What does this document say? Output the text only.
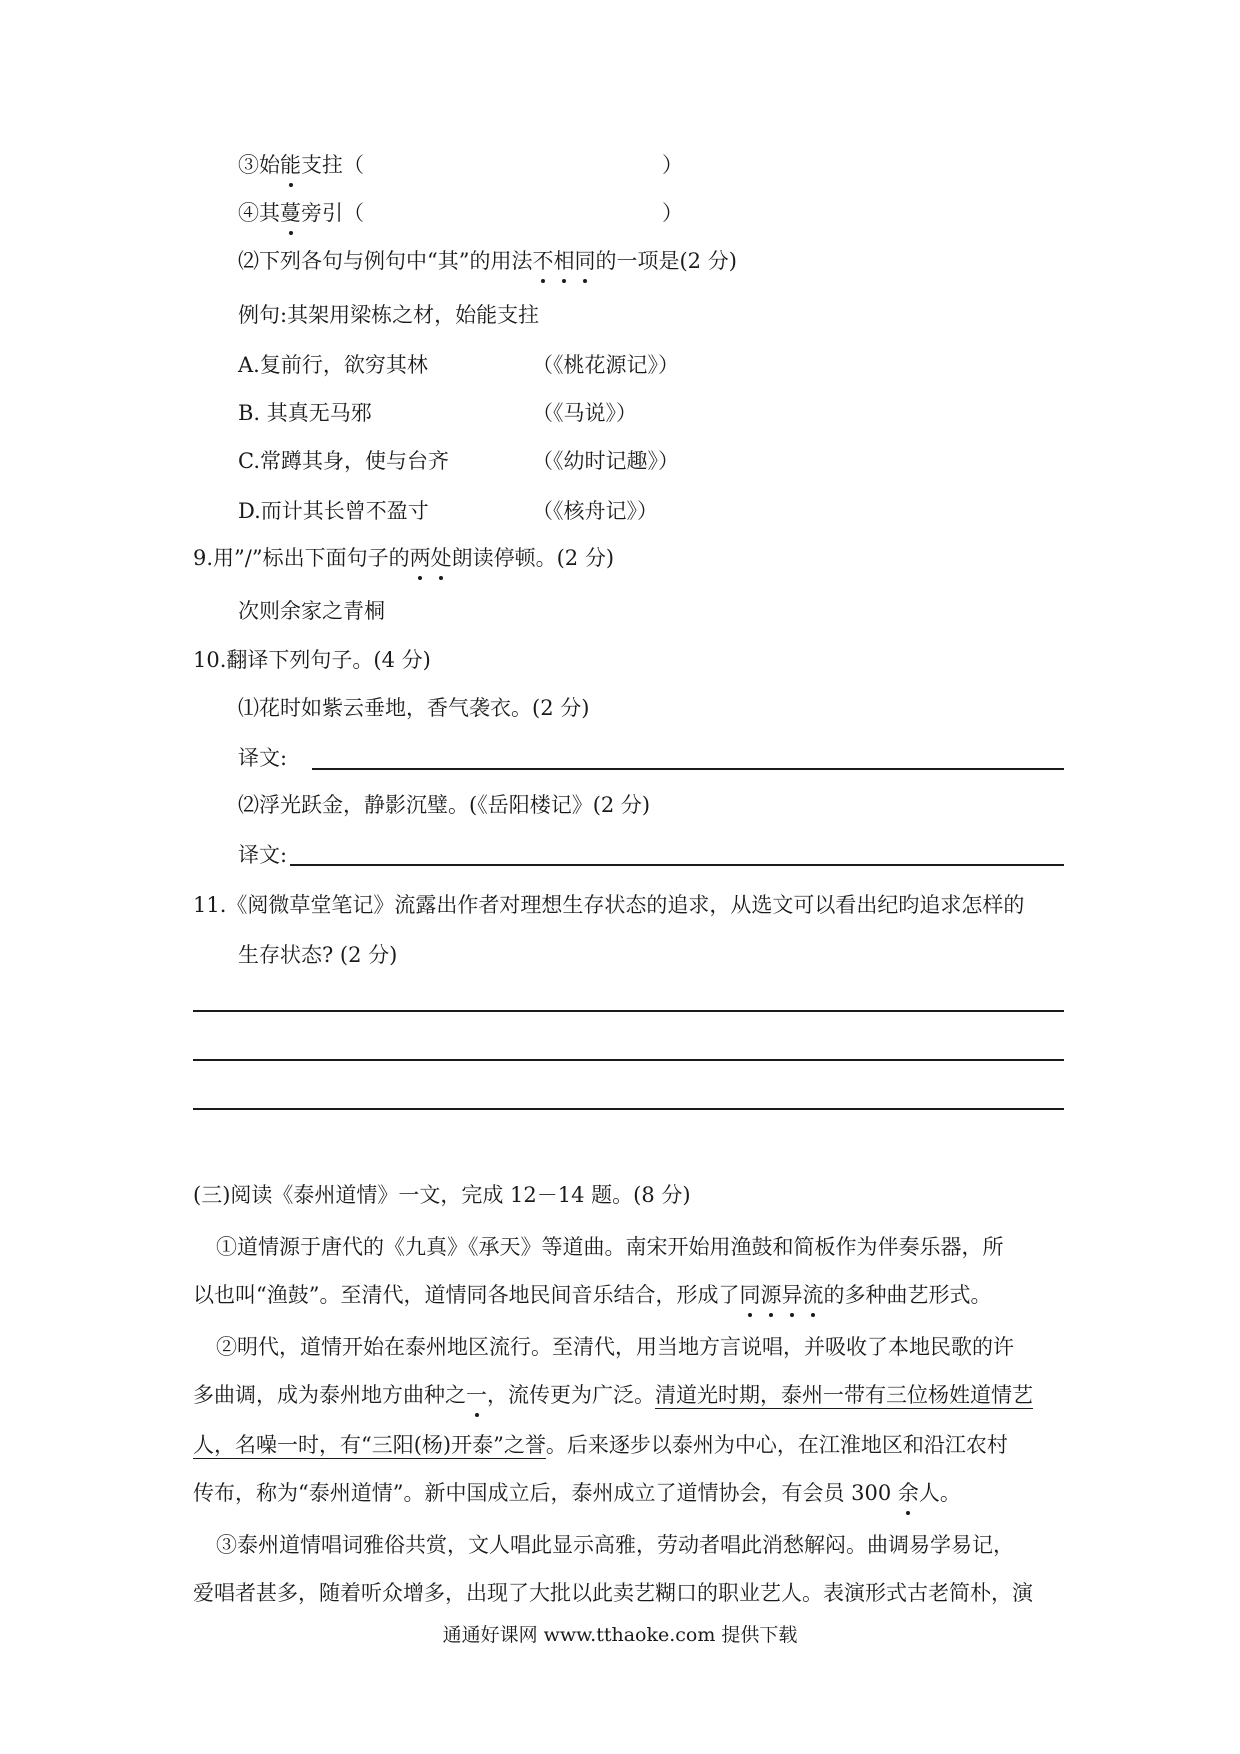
③始能支拄（	）
④其蔓旁引（	）
⑵下列各句与例句中“其”的用法不相同的一项是(2 分)
例句:其架用梁栋之材，始能支拄
A.复前行，欲穷其林	（《桃花源记》）
B. 其真无马邪	（《马说》）
C.常蹲其身，使与台齐	（《幼时记趣》）
D.而计其长曾不盈寸	（《核舟记》）
9.用”/”标出下面句子的两处朗读停顿。(2 分)
次则余家之青桐
10.翻译下列句子。(4 分)
⑴花时如紫云垂地，香气袭衣。(2 分)
译文:
⑵浮光跃金，静影沉璧。(《岳阳楼记》(2 分)
译文:
11.《阅微草堂笔记》流露出作者对理想生存状态的追求，从选文可以看出纪昀追求怎样的
生存状态? (2 分)
(三)阅读《泰州道情》一文，完成 12－14 题。(8 分)
①道情源于唐代的《九真》《承天》等道曲。南宋开始用渔鼓和简板作为伴奏乐器，所
以也叫“渔鼓”。至清代，道情同各地民间音乐结合，形成了同源异流的多种曲艺形式。
②明代，道情开始在泰州地区流行。至清代，用当地方言说唱，并吸收了本地民歌的许
多曲调，成为泰州地方曲种之一，流传更为广泛。清道光时期，泰州一带有三位杨姓道情艺
人，名噪一时，有“三阳(杨)开泰”之誉。后来逐步以泰州为中心，在江淮地区和沿江农村
传布，称为“泰州道情”。新中国成立后，泰州成立了道情协会，有会员 300 余人。
③泰州道情唱词雅俗共赏，文人唱此显示高雅，劳动者唱此消愁解闷。曲调易学易记，
爱唱者甚多，随着听众增多，出现了大批以此卖艺糊口的职业艺人。表演形式古老简朴，演
通通好课网 www.tthaoke.com 提供下载
